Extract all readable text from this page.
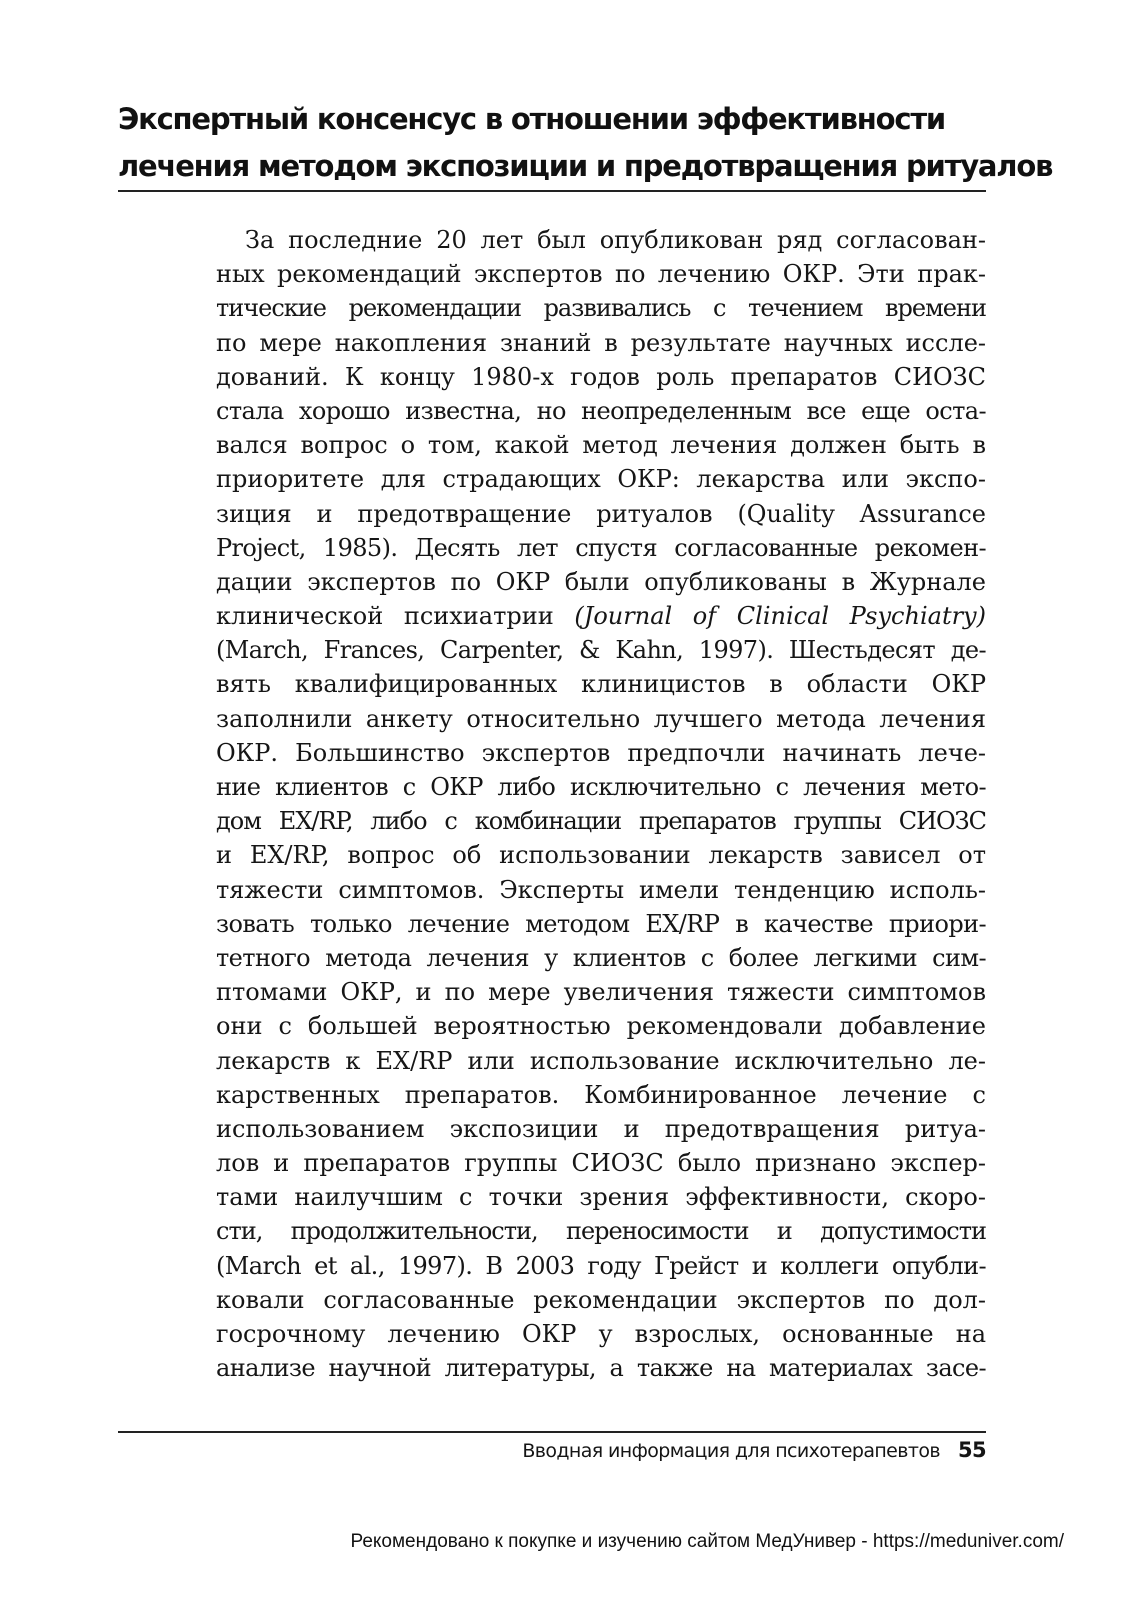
Экспертный консенсус в отношении эффективности
лечения методом экспозиции и предотвращения ритуалов
За последние 20 лет был опубликован ряд согласован-
ных рекомендаций экспертов по лечению ОКР. Эти прак-
тические рекомендации развивались с течением времени
по мере накопления знаний в результате научных иссле-
дований. К концу 1980-х годов роль препаратов СИОЗС
стала хорошо известна, но неопределенным все еще оста-
вался вопрос о том, какой метод лечения должен быть в
приоритете для страдающих ОКР: лекарства или экспо-
зиция и предотвращение ритуалов (Quality Assurance
Project, 1985). Десять лет спустя согласованные рекомен-
дации экспертов по ОКР были опубликованы в Журнале
клинической психиатрии (Journal of Clinical Psychiatry)
(March, Frances, Carpenter, & Kahn, 1997). Шестьдесят де-
вять квалифицированных клиницистов в области ОКР
заполнили анкету относительно лучшего метода лечения
ОКР. Большинство экспертов предпочли начинать лече-
ние клиентов с ОКР либо исключительно с лечения мето-
дом EX/RP, либо с комбинации препаратов группы СИОЗС
и EX/RP, вопрос об использовании лекарств зависел от
тяжести симптомов. Эксперты имели тенденцию исполь-
зовать только лечение методом EX/RP в качестве приори-
тетного метода лечения у клиентов с более легкими сим-
птомами ОКР, и по мере увеличения тяжести симптомов
они с большей вероятностью рекомендовали добавление
лекарств к EX/RP или использование исключительно ле-
карственных препаратов. Комбинированное лечение с
использованием экспозиции и предотвращения ритуа-
лов и препаратов группы СИОЗС было признано экспер-
тами наилучшим с точки зрения эффективности, скоро-
сти, продолжительности, переносимости и допустимости
(March et al., 1997). В 2003 году Грейст и коллеги опубли-
ковали согласованные рекомендации экспертов по дол-
госрочному лечению ОКР у взрослых, основанные на
анализе научной литературы, а также на материалах засе-
Вводная информация для психотерапевтов 55
Рекомендовано к покупке и изучению сайтом МедУнивер - https://meduniver.com/
